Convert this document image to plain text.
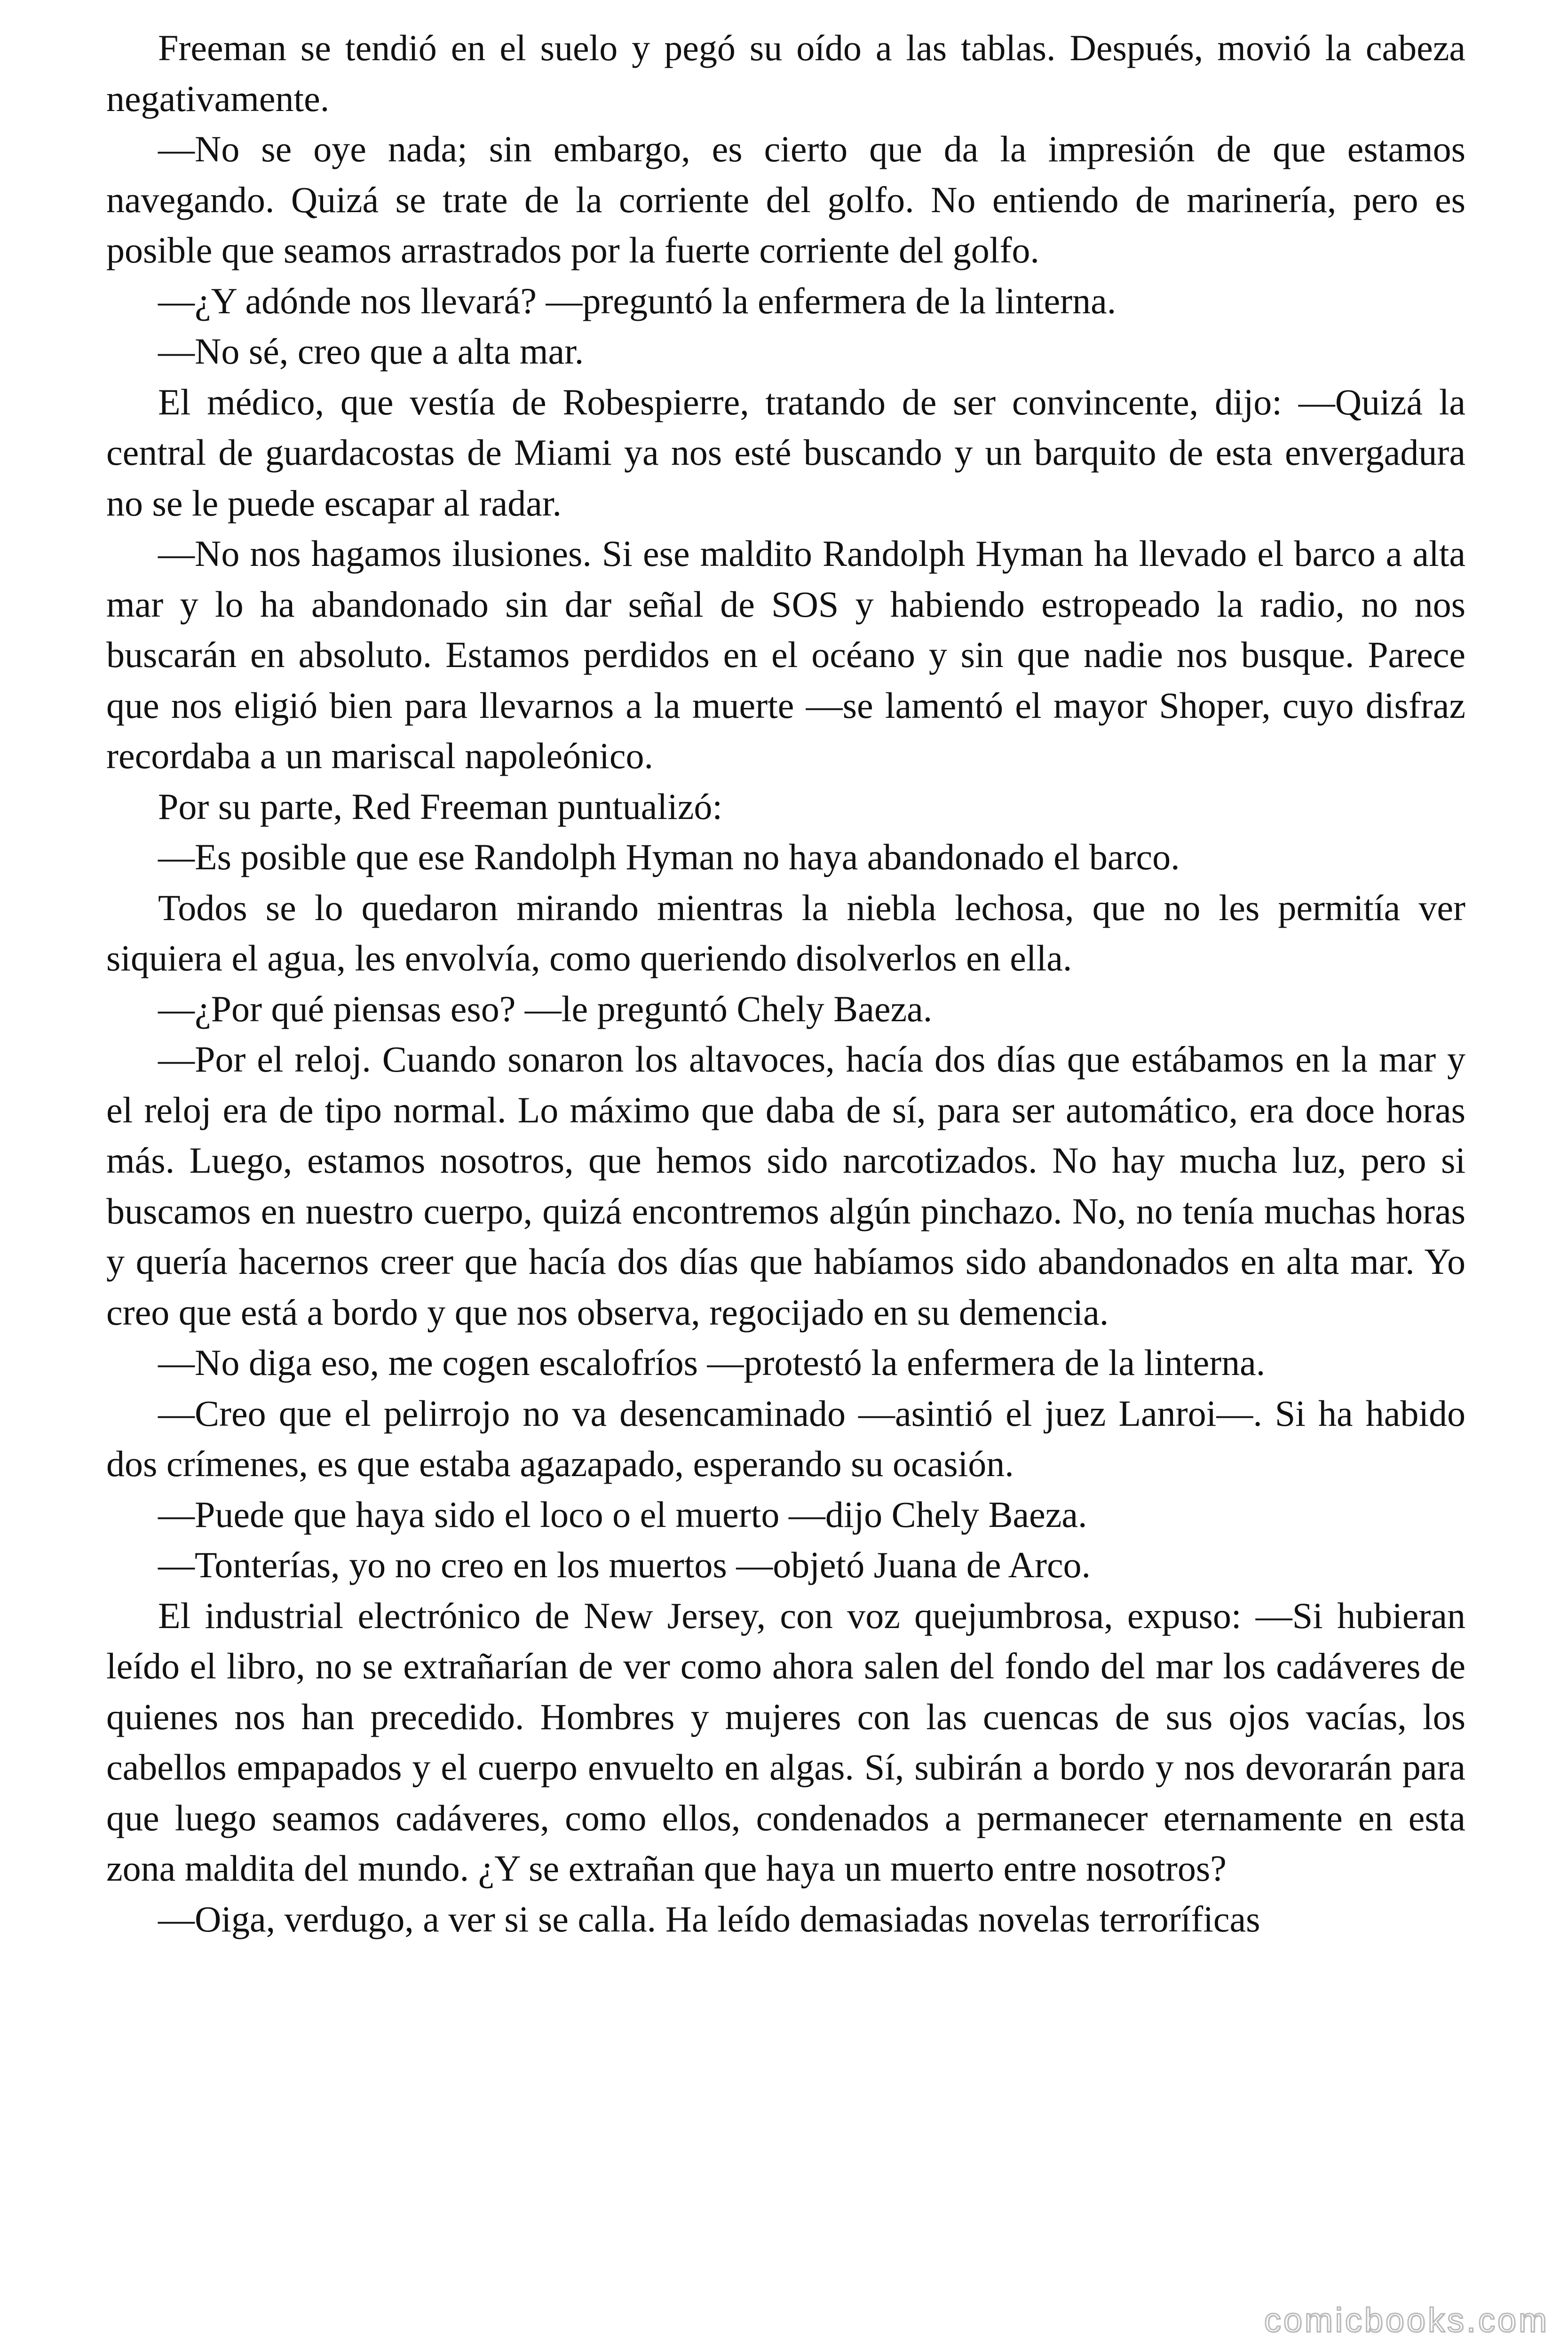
Freeman se tendió en el suelo y pegó su oído a las tablas. Después, movió la cabeza negativamente.

—No se oye nada; sin embargo, es cierto que da la impresión de que estamos navegando. Quizá se trate de la corriente del golfo. No entiendo de marinería, pero es posible que seamos arrastrados por la fuerte corriente del golfo.

—¿Y adónde nos llevará? —preguntó la enfermera de la linterna.

—No sé, creo que a alta mar.

El médico, que vestía de Robespierre, tratando de ser convincente, dijo: —Quizá la central de guardacostas de Miami ya nos esté buscando y un barquito de esta envergadura no se le puede escapar al radar.

—No nos hagamos ilusiones. Si ese maldito Randolph Hyman ha llevado el barco a alta mar y lo ha abandonado sin dar señal de SOS y habiendo estropeado la radio, no nos buscarán en absoluto. Estamos perdidos en el océano y sin que nadie nos busque. Parece que nos eligió bien para llevarnos a la muerte —se lamentó el mayor Shoper, cuyo disfraz recordaba a un mariscal napoleónico.

Por su parte, Red Freeman puntualizó:

—Es posible que ese Randolph Hyman no haya abandonado el barco.

Todos se lo quedaron mirando mientras la niebla lechosa, que no les permitía ver siquiera el agua, les envolvía, como queriendo disolverlos en ella.

—¿Por qué piensas eso? —le preguntó Chely Baeza.

—Por el reloj. Cuando sonaron los altavoces, hacía dos días que estábamos en la mar y el reloj era de tipo normal. Lo máximo que daba de sí, para ser automático, era doce horas más. Luego, estamos nosotros, que hemos sido narcotizados. No hay mucha luz, pero si buscamos en nuestro cuerpo, quizá encontremos algún pinchazo. No, no tenía muchas horas y quería hacernos creer que hacía dos días que habíamos sido abandonados en alta mar. Yo creo que está a bordo y que nos observa, regocijado en su demencia.

—No diga eso, me cogen escalofríos —protestó la enfermera de la linterna.

—Creo que el pelirrojo no va desencaminado —asintió el juez Lanroi—. Si ha habido dos crímenes, es que estaba agazapado, esperando su ocasión.

—Puede que haya sido el loco o el muerto —dijo Chely Baeza.

—Tonterías, yo no creo en los muertos —objetó Juana de Arco.

El industrial electrónico de New Jersey, con voz quejumbrosa, expuso: —Si hubieran leído el libro, no se extrañarían de ver como ahora salen del fondo del mar los cadáveres de quienes nos han precedido. Hombres y mujeres con las cuencas de sus ojos vacías, los cabellos empapados y el cuerpo envuelto en algas. Sí, subirán a bordo y nos devorarán para que luego seamos cadáveres, como ellos, condenados a permanecer eternamente en esta zona maldita del mundo. ¿Y se extrañan que haya un muerto entre nosotros?

—Oiga, verdugo, a ver si se calla. Ha leído demasiadas novelas terroríficas

comicbooks.com
